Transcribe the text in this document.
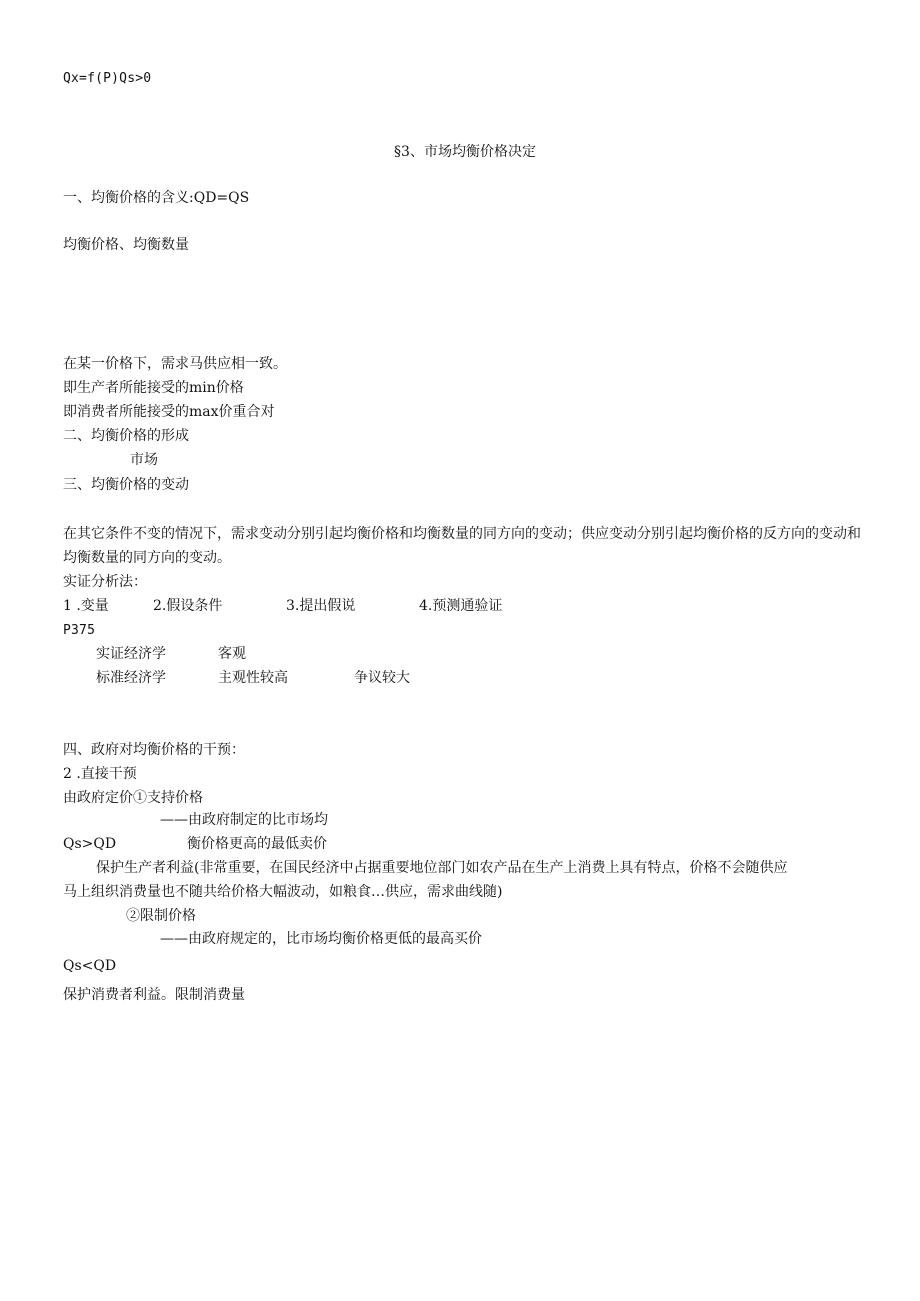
Qx=f(P)Qs>0
§3、市场均衡价格决定
一、均衡价格的含义:QD=QS
均衡价格、均衡数量
在某一价格下，需求马供应相一致。
即生产者所能接受的min价格
即消费者所能接受的max价重合对
二、均衡价格的形成
市场
三、均衡价格的变动
在其它条件不变的情况下，需求变动分别引起均衡价格和均衡数量的同方向的变动；供应变动分别引起均衡价格的反方向的变动和均衡数量的同方向的变动。
实证分析法：
1 .变量	2.假设条件	3.提出假说	4.预测通验证
P375
实证经济学	客观
标准经济学	主观性较高	争议较大
四、政府对均衡价格的干预：
2 .直接干预
由政府定价①支持价格
——由政府制定的比市场均
Qs>QD	衡价格更高的最低卖价
保护生产者利益(非常重要，在国民经济中占据重要地位部门如农产品在生产上消费上具有特点，价格不会随供应
马上组织消费量也不随共给价格大幅波动，如粮食…供应，需求曲线随)
②限制价格
——由政府规定的，比市场均衡价格更低的最高买价
Qs<QD
保护消费者利益。限制消费量
